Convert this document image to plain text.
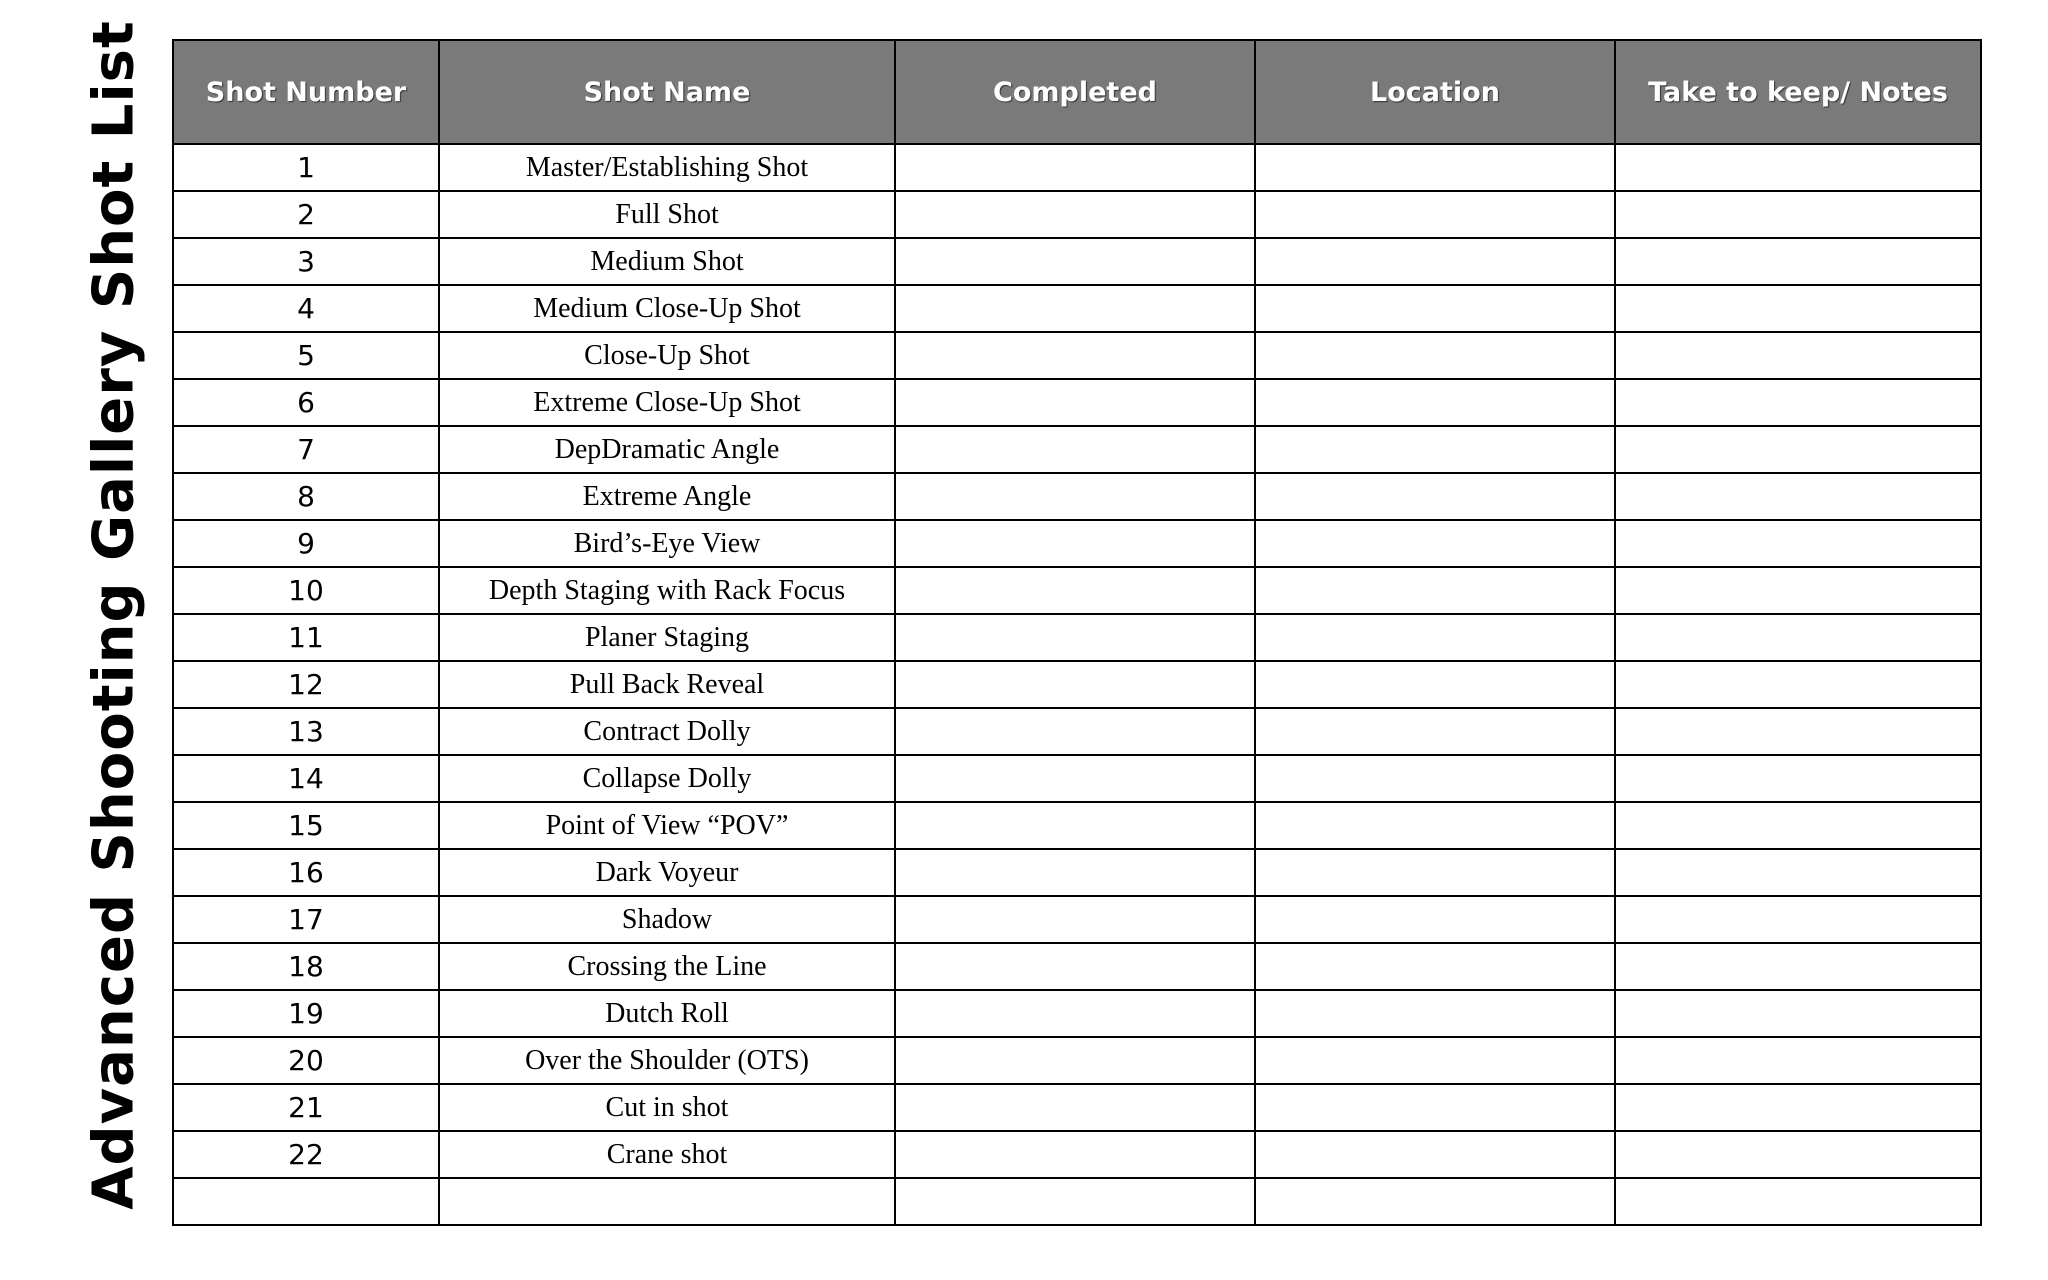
Advanced Shooting Gallery Shot List Shot Number	Shot Name	Completed	Location	Take to keep/ Notes
1	Master/Establishing Shot			
2	Full Shot			
3	Medium Shot			
4	Medium Close-Up Shot			
5	Close-Up Shot			
6	Extreme Close-Up Shot			
7	DepDramatic Angle			
8	Extreme Angle			
9	Bird’s-Eye View			
10	Depth Staging with Rack Focus			
11	Planer Staging			
12	Pull Back Reveal			
13	Contract Dolly			
14	Collapse Dolly			
15	Point of View “POV”			
16	Dark Voyeur			
17	Shadow			
18	Crossing the Line			
19	Dutch Roll			
20	Over the Shoulder (OTS)			
21	Cut in shot			
22	Crane shot			
